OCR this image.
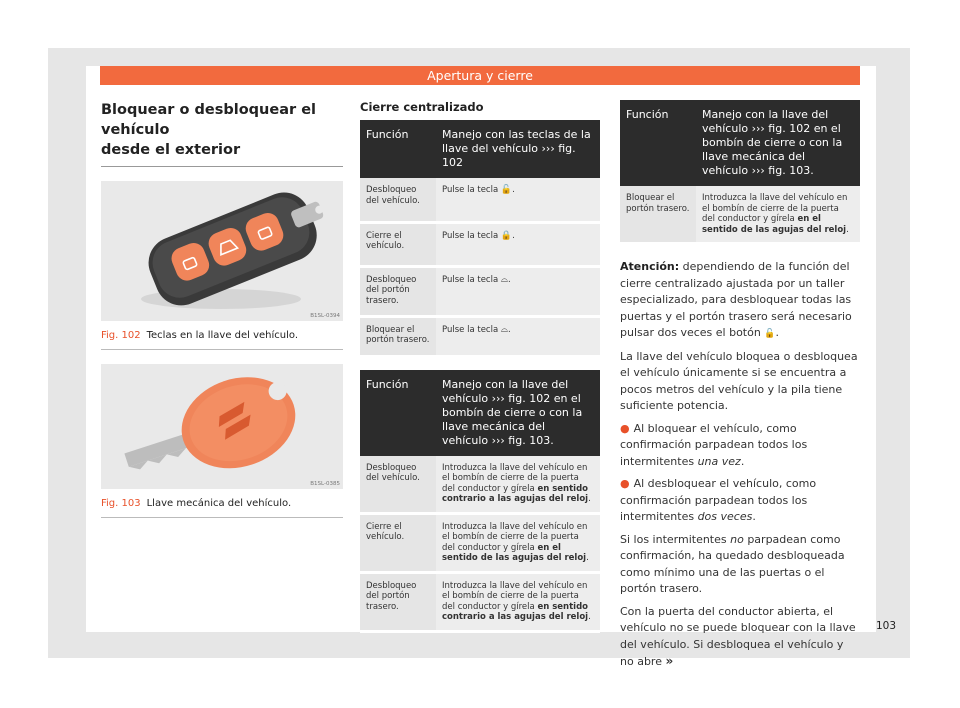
Apertura y cierre
Bloquear o desbloquear el vehículo
desde el exterior
B1SL-0394
Fig. 102 Teclas en la llave del vehículo.
B1SL-0385
Fig. 103 Llave mecánica del vehículo.
Cierre centralizado
Función	Manejo con las teclas de la llave del vehículo ››› fig. 102
Desbloqueo del vehículo.	Pulse la tecla 🔓.
Cierre el vehículo.	Pulse la tecla 🔒.
Desbloqueo del portón trasero.	Pulse la tecla ⌓.
Bloquear el portón trasero.	Pulse la tecla ⌓.
Función	Manejo con la llave del vehículo ››› fig. 102 en el bombín de cierre o con la llave mecánica del vehículo ››› fig. 103.
Desbloqueo del vehículo.	Introduzca la llave del vehículo en el bombín de cierre de la puerta del conductor y gírela en sentido contrario a las agujas del reloj.
Cierre el vehículo.	Introduzca la llave del vehículo en el bombín de cierre de la puerta del conductor y gírela en el sentido de las agujas del reloj.
Desbloqueo del portón trasero.	Introduzca la llave del vehículo en el bombín de cierre de la puerta del conductor y gírela en sentido contrario a las agujas del reloj.
Función	Manejo con la llave del vehículo ››› fig. 102 en el bombín de cierre o con la llave mecánica del vehículo ››› fig. 103.
Bloquear el portón trasero.	Introduzca la llave del vehículo en el bombín de cierre de la puerta del conductor y gírela en el sentido de las agujas del reloj.
Atención: dependiendo de la función del cierre centralizado ajustada por un taller especializado, para desbloquear todas las puertas y el portón trasero será necesario pulsar dos veces el botón 🔓.
La llave del vehículo bloquea o desbloquea el vehículo únicamente si se encuentra a pocos metros del vehículo y la pila tiene suficiente potencia.
● Al bloquear el vehículo, como confirmación parpadean todos los intermitentes una vez.
● Al desbloquear el vehículo, como confirmación parpadean todos los intermitentes dos veces.
Si los intermitentes no parpadean como confirmación, ha quedado desbloqueada como mínimo una de las puertas o el portón trasero.
Con la puerta del conductor abierta, el vehículo no se puede bloquear con la llave del vehículo. Si desbloquea el vehículo y no abre »
103
